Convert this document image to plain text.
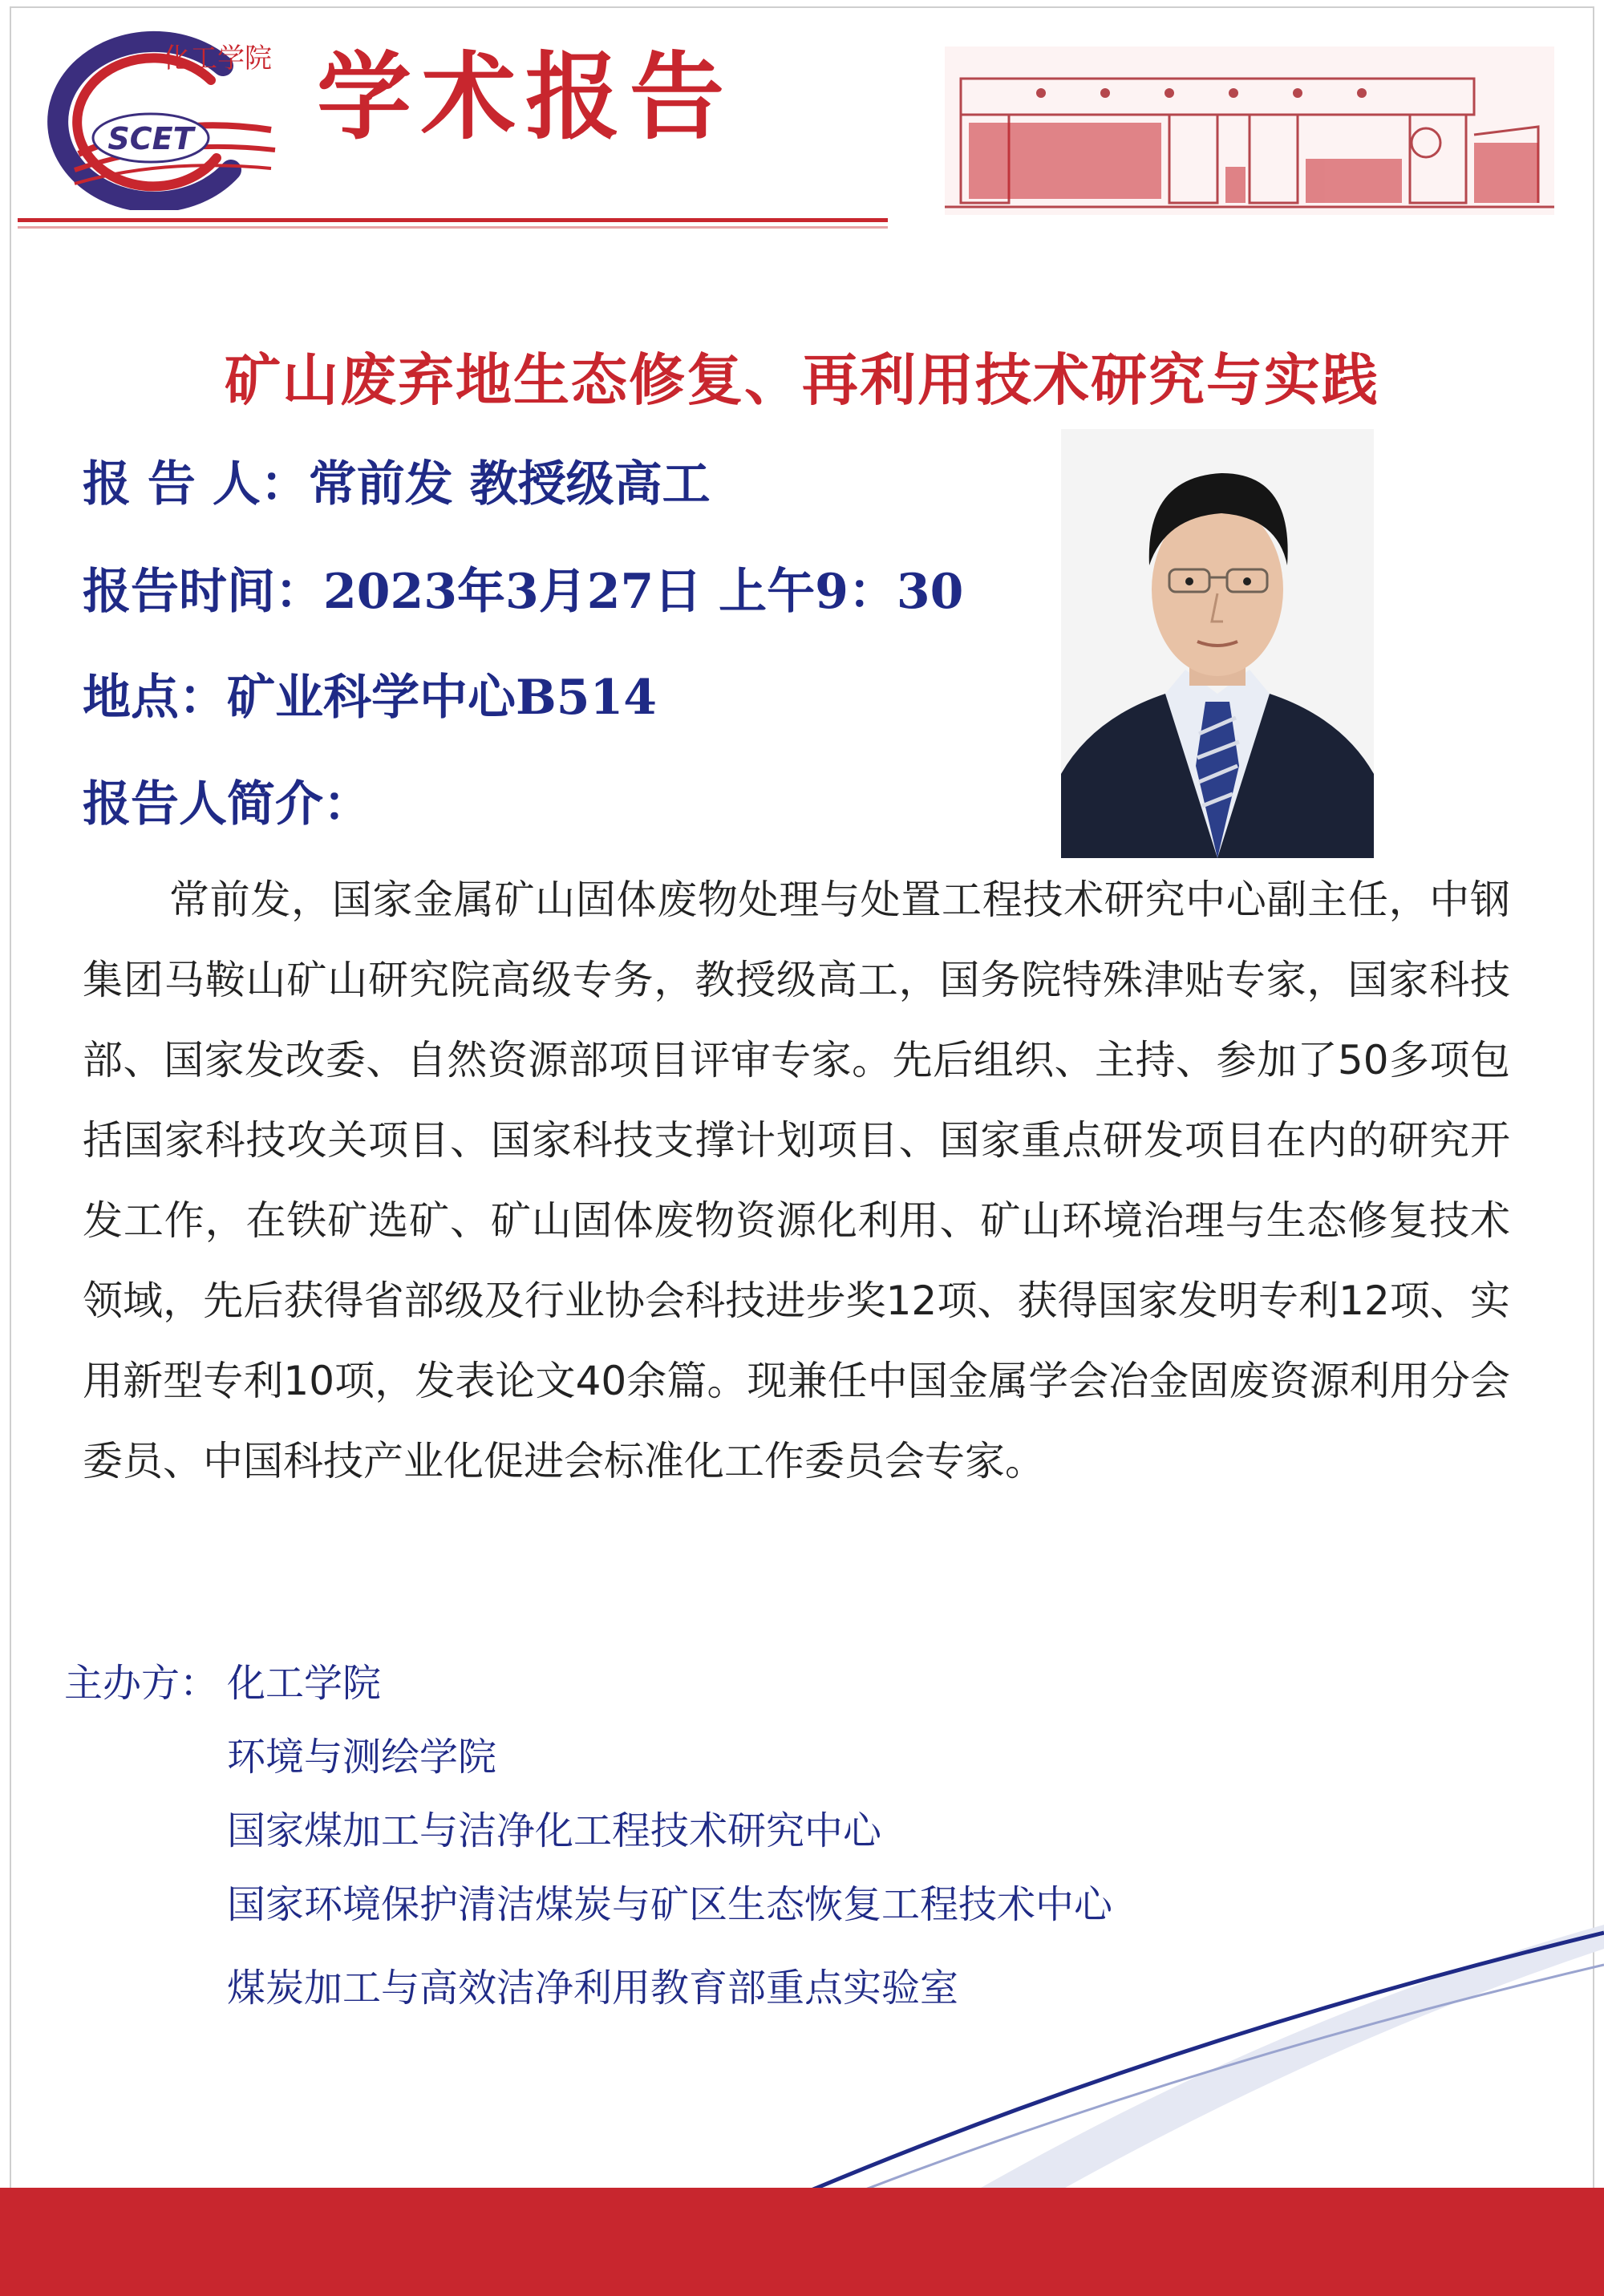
SCET
化工学院 学术报告
矿山废弃地生态修复、再利用技术研究与实践
报 告 人：常前发 教授级高工
报告时间：2023年3月27日 上午9：30
地点：矿业科学中心B514
报告人简介：
常前发，国家金属矿山固体废物处理与处置工程技术研究中心副主任，中钢集团马鞍山矿山研究院高级专务，教授级高工，国务院特殊津贴专家，国家科技部、国家发改委、自然资源部项目评审专家。先后组织、主持、参加了50多项包括国家科技攻关项目、国家科技支撑计划项目、国家重点研发项目在内的研究开发工作，在铁矿选矿、矿山固体废物资源化利用、矿山环境治理与生态修复技术领域，先后获得省部级及行业协会科技进步奖12项、获得国家发明专利12项、实用新型专利10项，发表论文40余篇。现兼任中国金属学会冶金固废资源利用分会委员、中国科技产业化促进会标准化工作委员会专家。
主办方： 化工学院
环境与测绘学院
国家煤加工与洁净化工程技术研究中心
国家环境保护清洁煤炭与矿区生态恢复工程技术中心
煤炭加工与高效洁净利用教育部重点实验室
